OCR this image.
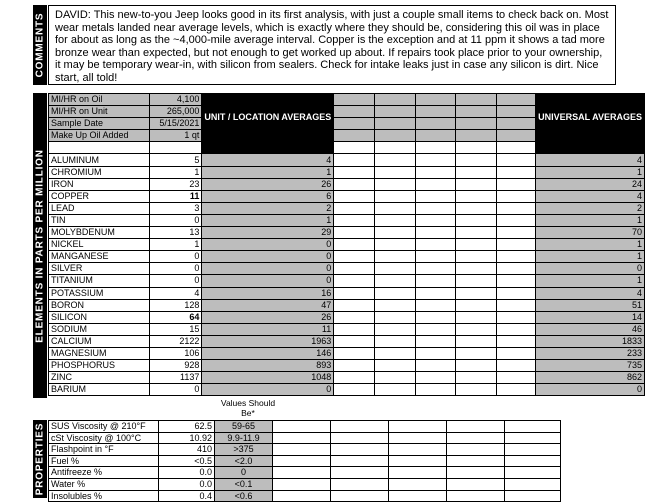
COMMENTS DAVID: This new-to-you Jeep looks good in its first analysis, with just a couple small items to check back on. Most wear metals landed near average levels, which is exactly where they should be, considering this oil was in place for about as long as the ~4,000-mile average interval. Copper is the exception and at 11 ppm it shows a tad more bronze wear than expected, but not enough to get worked up about. If repairs took place prior to your ownership, it may be temporary wear-in, with silicon from sealers. Check for intake leaks just in case any silicon is dirt. Nice start, all told!
ELEMENTS IN PARTS PER MILLION
MI/HR on Oil	4,100	UNIT / LOCATION AVERAGES						UNIVERSAL AVERAGES
MI/HR on Unit	265,000							
Sample Date	5/15/2021							
Make Up Oil Added	1 qt							

ALUMINUM	5	4						4
CHROMIUM	1	1						1
IRON	23	26						24
COPPER	11	6						4
LEAD	3	2						2
TIN	0	1						1
MOLYBDENUM	13	29						70
NICKEL	1	0						1
MANGANESE	0	0						1
SILVER	0	0						0
TITANIUM	0	0						1
POTASSIUM	4	16						4
BORON	128	47						51
SILICON	64	26						14
SODIUM	15	11						46
CALCIUM	2122	1963						1833
MAGNESIUM	106	146						233
PHOSPHORUS	928	893						735
ZINC	1137	1048						862
BARIUM	0	0						0
Values Should Be*
PROPERTIES SUS Viscosity @ 210°F	62.5	59-65					
cSt Viscosity @ 100°C	10.92	9.9-11.9					
Flashpoint in °F	410	>375					
Fuel %	<0.5	<2.0					
Antifreeze %	0.0	0					
Water %	0.0	<0.1					
Insolubles %	0.4	<0.6					
